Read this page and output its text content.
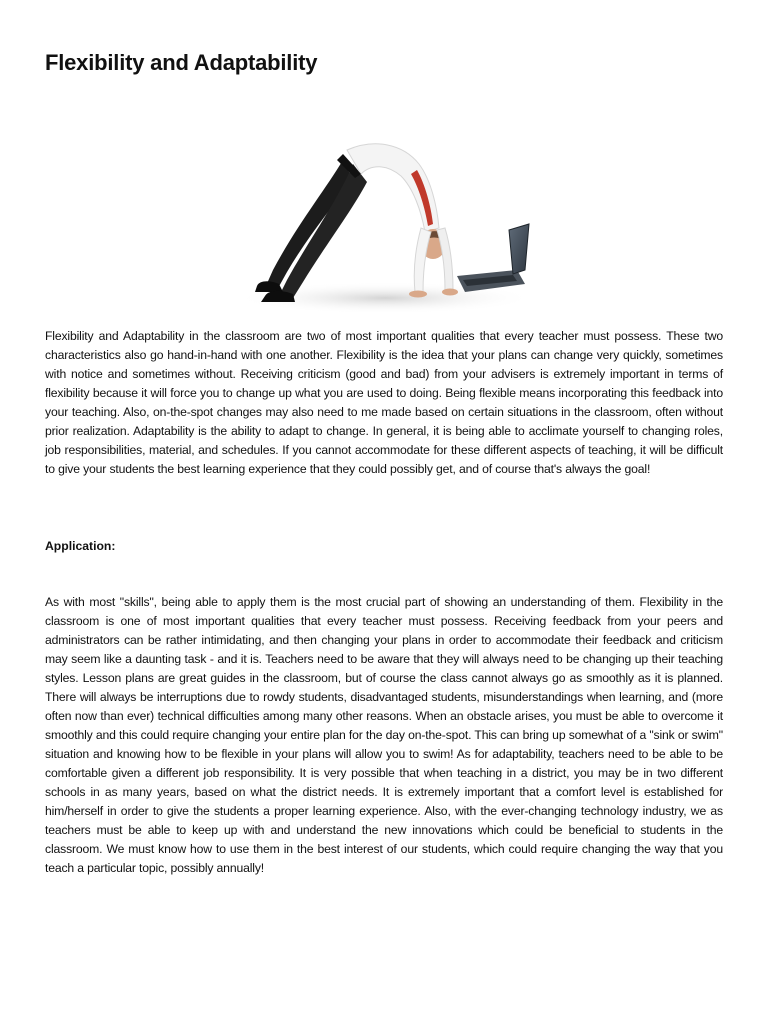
Flexibility and Adaptability

Flexibility and Adaptability in the classroom are two of most important qualities that every teacher must possess. These two characteristics also go hand-in-hand with one another. Flexibility is the idea that your plans can change very quickly, sometimes with notice and sometimes without. Receiving criticism (good and bad) from your advisers is extremely important in terms of flexibility because it will force you to change up what you are used to doing. Being flexible means incorporating this feedback into your teaching. Also, on-the-spot changes may also need to me made based on certain situations in the classroom, often without prior realization. Adaptability is the ability to adapt to change. In general, it is being able to acclimate yourself to changing roles, job responsibilities, material, and schedules. If you cannot accommodate for these different aspects of teaching, it will be difficult to give your students the best learning experience that they could possibly get, and of course that's always the goal!

Application:

As with most "skills", being able to apply them is the most crucial part of showing an understanding of them. Flexibility in the classroom is one of most important qualities that every teacher must possess. Receiving feedback from your peers and administrators can be rather intimidating, and then changing your plans in order to accommodate their feedback and criticism may seem like a daunting task - and it is. Teachers need to be aware that they will always need to be changing up their teaching styles. Lesson plans are great guides in the classroom, but of course the class cannot always go as smoothly as it is planned. There will always be interruptions due to rowdy students, disadvantaged students, misunderstandings when learning, and (more often now than ever) technical difficulties among many other reasons. When an obstacle arises, you must be able to overcome it smoothly and this could require changing your entire plan for the day on-the-spot. This can bring up somewhat of a "sink or swim" situation and knowing how to be flexible in your plans will allow you to swim! As for adaptability, teachers need to be able to be comfortable given a different job responsibility. It is very possible that when teaching in a district, you may be in two different schools in as many years, based on what the district needs. It is extremely important that a comfort level is established for him/herself in order to give the students a proper learning experience. Also, with the ever-changing technology industry, we as teachers must be able to keep up with and understand the new innovations which could be beneficial to students in the classroom. We must know how to use them in the best interest of our students, which could require changing the way that you teach a particular topic, possibly annually!
